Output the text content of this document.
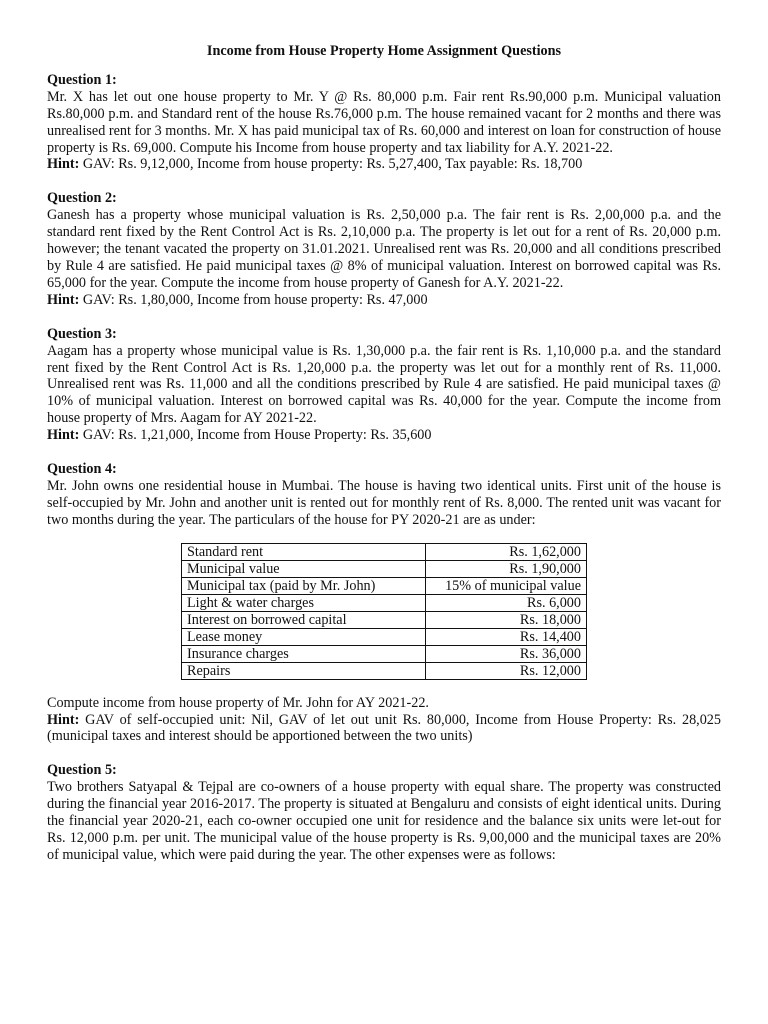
Income from House Property Home Assignment Questions
Question 1:
Mr. X has let out one house property to Mr. Y @ Rs. 80,000 p.m. Fair rent Rs.90,000 p.m. Municipal valuation Rs.80,000 p.m. and Standard rent of the house Rs.76,000 p.m. The house remained vacant for 2 months and there was unrealised rent for 3 months. Mr. X has paid municipal tax of Rs. 60,000 and interest on loan for construction of house property is Rs. 69,000. Compute his Income from house property and tax liability for A.Y. 2021-22.
Hint: GAV: Rs. 9,12,000, Income from house property: Rs. 5,27,400, Tax payable: Rs. 18,700
Question 2:
Ganesh has a property whose municipal valuation is Rs. 2,50,000 p.a. The fair rent is Rs. 2,00,000 p.a. and the standard rent fixed by the Rent Control Act is Rs. 2,10,000 p.a. The property is let out for a rent of Rs. 20,000 p.m. however; the tenant vacated the property on 31.01.2021. Unrealised rent was Rs. 20,000 and all conditions prescribed by Rule 4 are satisfied. He paid municipal taxes @ 8% of municipal valuation. Interest on borrowed capital was Rs. 65,000 for the year. Compute the income from house property of Ganesh for A.Y. 2021-22.
Hint: GAV: Rs. 1,80,000, Income from house property: Rs. 47,000
Question 3:
Aagam has a property whose municipal value is Rs. 1,30,000 p.a. the fair rent is Rs. 1,10,000 p.a. and the standard rent fixed by the Rent Control Act is Rs. 1,20,000 p.a. the property was let out for a monthly rent of Rs. 11,000. Unrealised rent was Rs. 11,000 and all the conditions prescribed by Rule 4 are satisfied. He paid municipal taxes @ 10% of municipal valuation. Interest on borrowed capital was Rs. 40,000 for the year. Compute the income from house property of Mrs. Aagam for AY 2021-22.
Hint: GAV: Rs. 1,21,000, Income from House Property: Rs. 35,600
Question 4:
Mr. John owns one residential house in Mumbai. The house is having two identical units. First unit of the house is self-occupied by Mr. John and another unit is rented out for monthly rent of Rs. 8,000. The rented unit was vacant for two months during the year. The particulars of the house for PY 2020-21 are as under:
Standard rent	Rs. 1,62,000
Municipal value	Rs. 1,90,000
Municipal tax (paid by Mr. John)	15% of municipal value
Light & water charges	Rs. 6,000
Interest on borrowed capital	Rs. 18,000
Lease money	Rs. 14,400
Insurance charges	Rs. 36,000
Repairs	Rs. 12,000
Compute income from house property of Mr. John for AY 2021-22.
Hint: GAV of self-occupied unit: Nil, GAV of let out unit Rs. 80,000, Income from House Property: Rs. 28,025 (municipal taxes and interest should be apportioned between the two units)
Question 5:
Two brothers Satyapal & Tejpal are co-owners of a house property with equal share. The property was constructed during the financial year 2016-2017. The property is situated at Bengaluru and consists of eight identical units. During the financial year 2020-21, each co-owner occupied one unit for residence and the balance six units were let-out for Rs. 12,000 p.m. per unit. The municipal value of the house property is Rs. 9,00,000 and the municipal taxes are 20% of municipal value, which were paid during the year. The other expenses were as follows:
